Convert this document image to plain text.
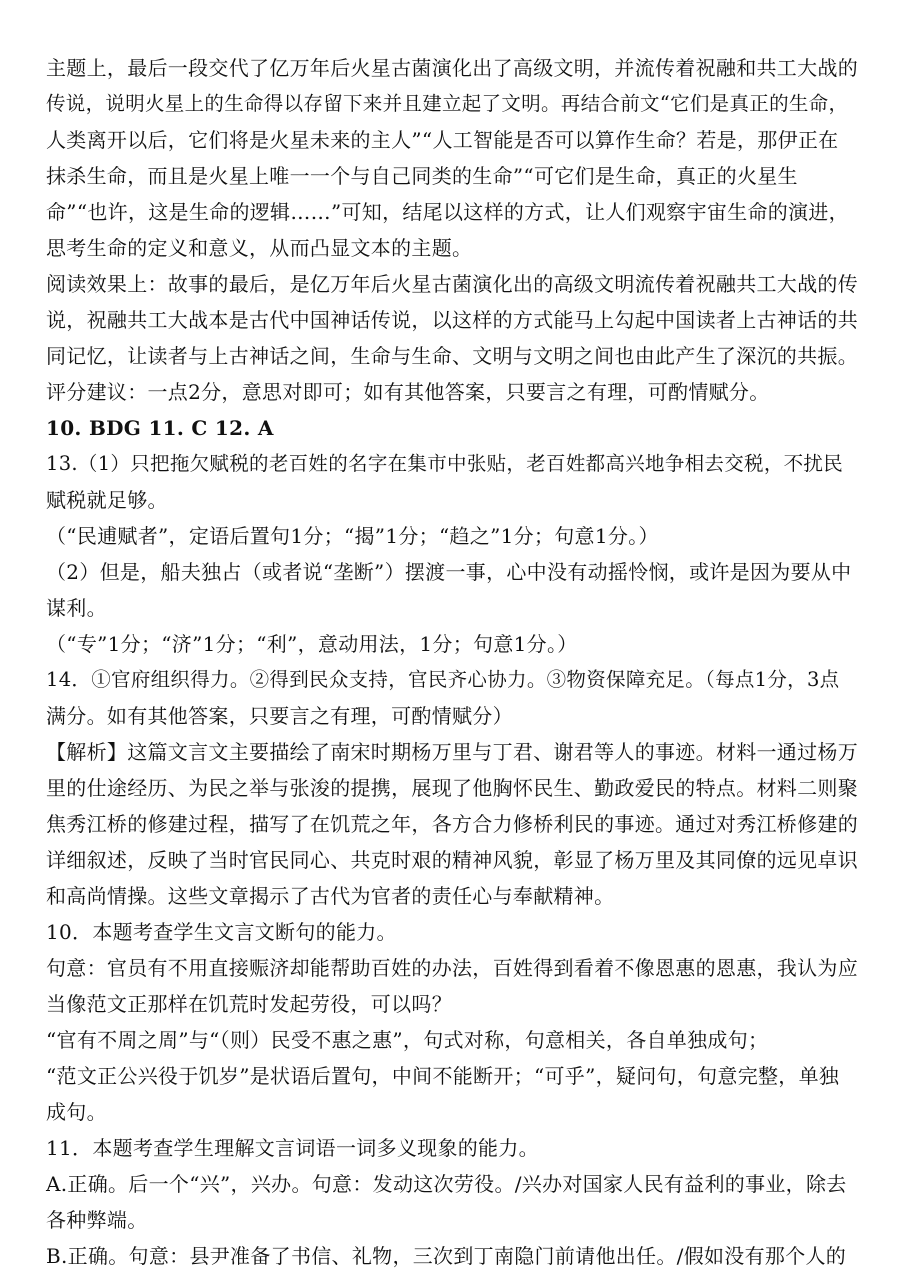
主题上，最后一段交代了亿万年后火星古菌演化出了高级文明，并流传着祝融和共工大战的
传说，说明火星上的生命得以存留下来并且建立起了文明。再结合前文“它们是真正的生命，
人类离开以后，它们将是火星未来的主人”“人工智能是否可以算作生命？若是，那伊正在
抹杀生命，而且是火星上唯一一个与自己同类的生命”“可它们是生命，真正的火星生
命”“也许，这是生命的逻辑……”可知，结尾以这样的方式，让人们观察宇宙生命的演进，
思考生命的定义和意义，从而凸显文本的主题。
阅读效果上：故事的最后，是亿万年后火星古菌演化出的高级文明流传着祝融共工大战的传
说，祝融共工大战本是古代中国神话传说，以这样的方式能马上勾起中国读者上古神话的共
同记忆，让读者与上古神话之间，生命与生命、文明与文明之间也由此产生了深沉的共振。
评分建议：一点2分，意思对即可；如有其他答案，只要言之有理，可酌情赋分。
10. BDG 11. C 12. A
13.（1）只把拖欠赋税的老百姓的名字在集市中张贴，老百姓都高兴地争相去交税，不扰民
赋税就足够。
（“民逋赋者”，定语后置句1分；“揭”1分；“趋之”1分；句意1分。）
（2）但是，船夫独占（或者说“垄断”）摆渡一事，心中没有动摇怜悯，或许是因为要从中
谋利。
（“专”1分；“济”1分；“利”，意动用法，1分；句意1分。）
14．①官府组织得力。②得到民众支持，官民齐心协力。③物资保障充足。（每点1分，3点
满分。如有其他答案，只要言之有理，可酌情赋分）
【解析】这篇文言文主要描绘了南宋时期杨万里与丁君、谢君等人的事迹。材料一通过杨万
里的仕途经历、为民之举与张浚的提携，展现了他胸怀民生、勤政爱民的特点。材料二则聚
焦秀江桥的修建过程，描写了在饥荒之年，各方合力修桥利民的事迹。通过对秀江桥修建的
详细叙述，反映了当时官民同心、共克时艰的精神风貌，彰显了杨万里及其同僚的远见卓识
和高尚情操。这些文章揭示了古代为官者的责任心与奉献精神。
10．本题考查学生文言文断句的能力。
句意：官员有不用直接赈济却能帮助百姓的办法，百姓得到看着不像恩惠的恩惠，我认为应
当像范文正那样在饥荒时发起劳役，可以吗？
“官有不周之周”与“（则）民受不惠之惠”，句式对称，句意相关，各自单独成句；
“范文正公兴役于饥岁”是状语后置句，中间不能断开；“可乎”，疑问句，句意完整，单独
成句。
11．本题考查学生理解文言词语一词多义现象的能力。
A.正确。后一个“兴”，兴办。句意：发动这次劳役。/兴办对国家人民有益利的事业，除去
各种弊端。
B.正确。句意：县尹准备了书信、礼物，三次到丁南隐门前请他出任。/假如没有那个人的
